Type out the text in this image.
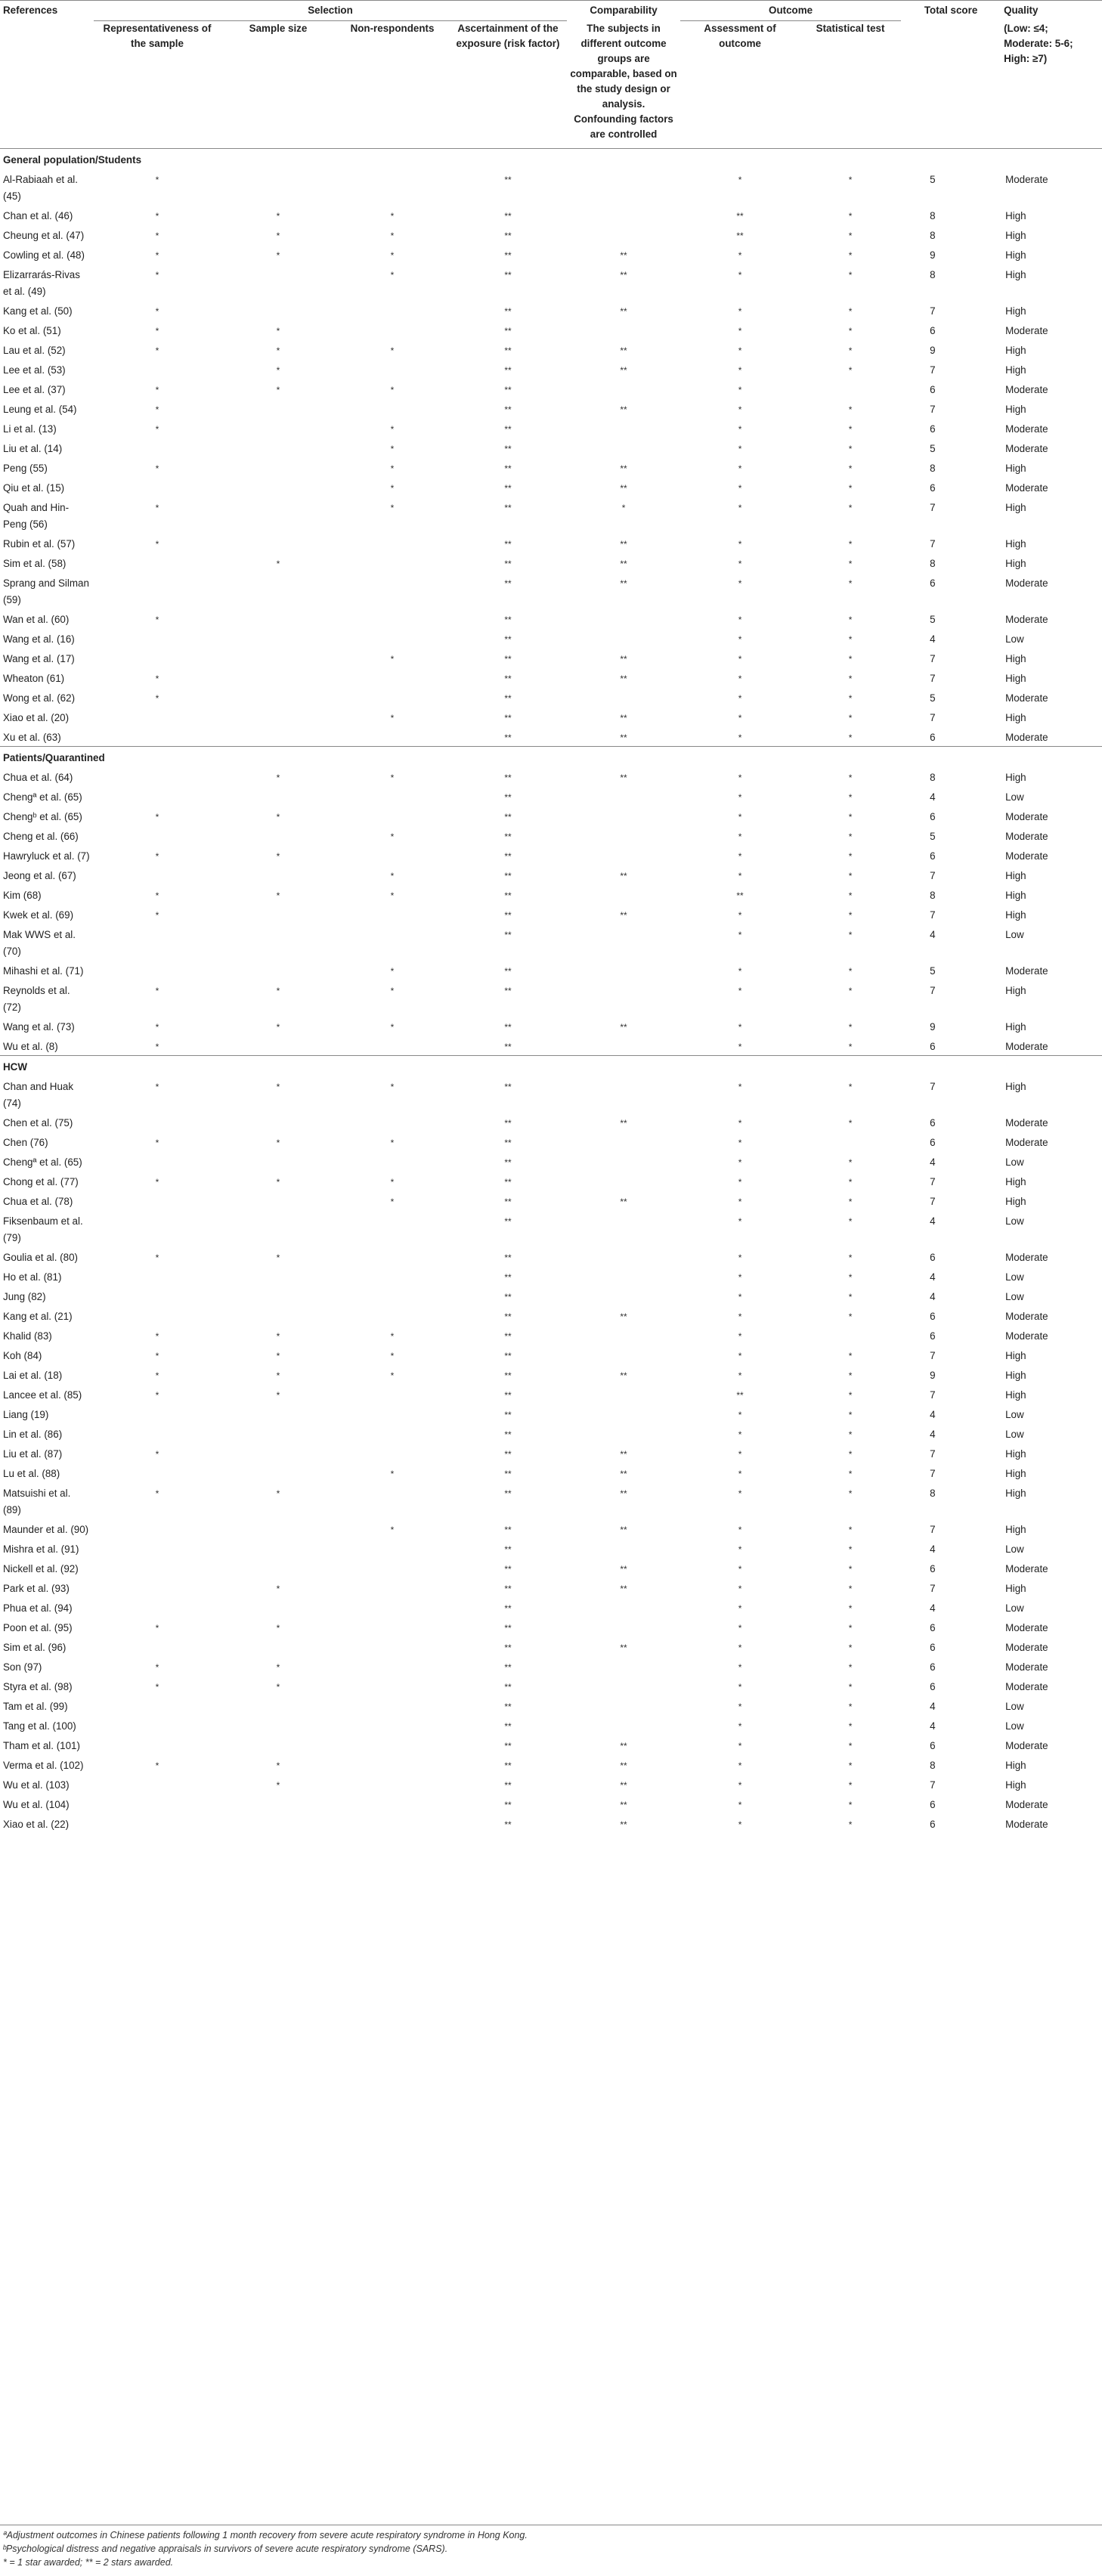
References	Selection				Comparability	Outcome		Total score	Quality
	Representativeness of the sample	Sample size	Non-respondents	Ascertainment of the exposure (risk factor)	The subjects in different outcome groups are comparable, based on the study design or analysis. Confounding factors are controlled	Assessment of outcome	Statistical test		(Low: ≤4; Moderate: 5-6; High: ≥7)
General population/Students									
Al-Rabiaah et al. (45)	*			**		*	*	5	Moderate
Chan et al. (46)	*	*	*	**		**	*	8	High
Cheung et al. (47)	*	*	*	**		**	*	8	High
Cowling et al. (48)	*	*	*	**	**	*	*	9	High
Elizarrarás-Rivas et al. (49)	*		*	**	**	*	*	8	High
Kang et al. (50)	*			**	**	*	*	7	High
Ko et al. (51)	*	*		**		*	*	6	Moderate
Lau et al. (52)	*	*	*	**	**	*	*	9	High
Lee et al. (53)		*		**	**	*	*	7	High
Lee et al. (37)	*	*	*	**		*		6	Moderate
Leung et al. (54)	*			**	**	*	*	7	High
Li et al. (13)	*		*	**		*	*	6	Moderate
Liu et al. (14)			*	**		*	*	5	Moderate
Peng (55)	*		*	**	**	*	*	8	High
Qiu et al. (15)			*	**	**	*	*	6	Moderate
Quah and Hin-Peng (56)	*		*	**	*	*	*	7	High
Rubin et al. (57)	*			**	**	*	*	7	High
Sim et al. (58)		*		**	**	*	*	8	High
Sprang and Silman (59)				**	**	*	*	6	Moderate
Wan et al. (60)	*			**		*	*	5	Moderate
Wang et al. (16)				**		*	*	4	Low
Wang et al. (17)			*	**	**	*	*	7	High
Wheaton (61)	*			**	**	*	*	7	High
Wong et al. (62)	*			**		*	*	5	Moderate
Xiao et al. (20)			*	**	**	*	*	7	High
Xu et al. (63)				**	**	*	*	6	Moderate
Patients/Quarantined									
Chua et al. (64)		*	*	**	**	*	*	8	High
Chengª et al. (65)				**		*	*	4	Low
Chengᵇ et al. (65)	*	*		**		*	*	6	Moderate
Cheng et al. (66)			*	**		*	*	5	Moderate
Hawryluck et al. (7)	*	*		**		*	*	6	Moderate
Jeong et al. (67)			*	**	**	*	*	7	High
Kim (68)	*	*	*	**		**	*	8	High
Kwek et al. (69)	*			**	**	*	*	7	High
Mak WWS et al. (70)				**		*	*	4	Low
Mihashi et al. (71)			*	**		*	*	5	Moderate
Reynolds et al. (72)	*	*	*	**		*	*	7	High
Wang et al. (73)	*	*	*	**	**	*	*	9	High
Wu et al. (8)	*			**		*	*	6	Moderate
HCW									
Chan and Huak (74)	*	*	*	**		*	*	7	High
Chen et al. (75)				**	**	*	*	6	Moderate
Chen (76)	*	*	*	**		*		6	Moderate
Chengª et al. (65)				**		*	*	4	Low
Chong et al. (77)	*	*	*	**		*	*	7	High
Chua et al. (78)			*	**	**	*	*	7	High
Fiksenbaum et al. (79)				**		*	*	4	Low
Goulia et al. (80)	*	*		**		*	*	6	Moderate
Ho et al. (81)				**		*	*	4	Low
Jung (82)				**		*	*	4	Low
Kang et al. (21)				**	**	*	*	6	Moderate
Khalid (83)	*	*	*	**		*		6	Moderate
Koh (84)	*	*	*	**		*	*	7	High
Lai et al. (18)	*	*	*	**	**	*	*	9	High
Lancee et al. (85)	*	*		**		**	*	7	High
Liang (19)				**		*	*	4	Low
Lin et al. (86)				**		*	*	4	Low
Liu et al. (87)	*			**	**	*	*	7	High
Lu et al. (88)			*	**	**	*	*	7	High
Matsuishi et al. (89)	*	*		**	**	*	*	8	High
Maunder et al. (90)			*	**	**	*	*	7	High
Mishra et al. (91)				**		*	*	4	Low
Nickell et al. (92)				**	**	*	*	6	Moderate
Park et al. (93)		*		**	**	*	*	7	High
Phua et al. (94)				**		*	*	4	Low
Poon et al. (95)	*	*		**		*	*	6	Moderate
Sim et al. (96)				**	**	*	*	6	Moderate
Son (97)	*	*		**		*	*	6	Moderate
Styra et al. (98)	*	*		**		*	*	6	Moderate
Tam et al. (99)				**		*	*	4	Low
Tang et al. (100)				**		*	*	4	Low
Tham et al. (101)				**	**	*	*	6	Moderate
Verma et al. (102)	*	*		**	**	*	*	8	High
Wu et al. (103)		*		**	**	*	*	7	High
Wu et al. (104)				**	**	*	*	6	Moderate
Xiao et al. (22)				**	**	*	*	6	Moderate
ªAdjustment outcomes in Chinese patients following 1 month recovery from severe acute respiratory syndrome in Hong Kong.
ᵇPsychological distress and negative appraisals in survivors of severe acute respiratory syndrome (SARS).
* = 1 star awarded; ** = 2 stars awarded.
